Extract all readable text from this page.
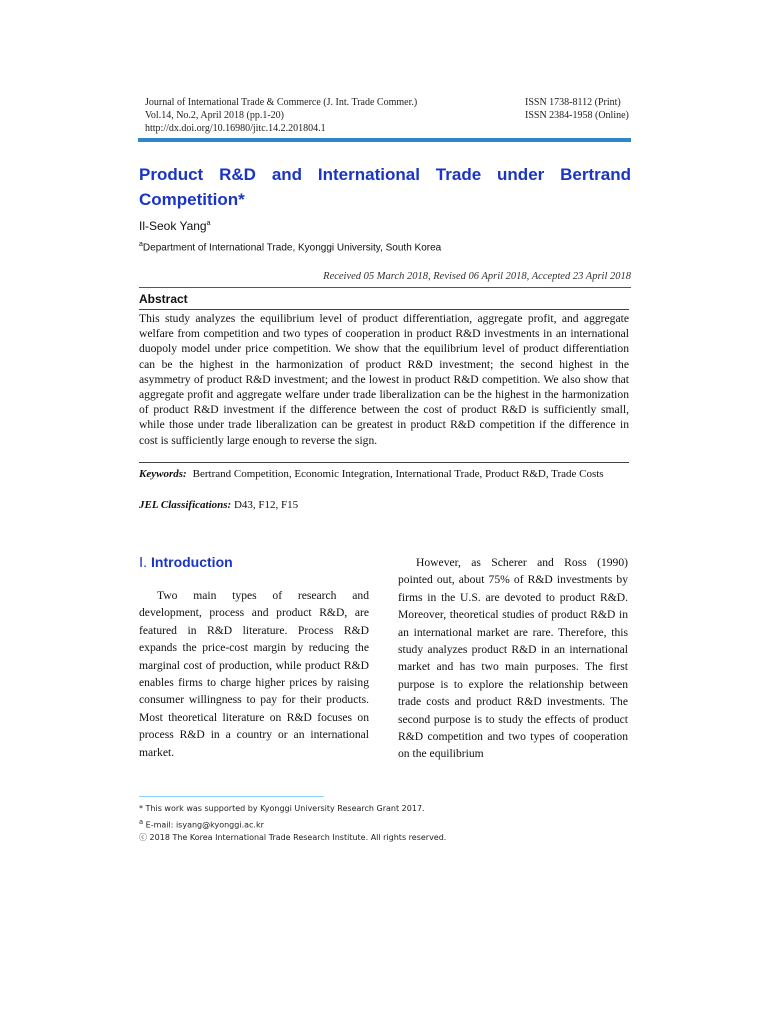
Journal of International Trade & Commerce (J. Int. Trade Commer.)
Vol.14, No.2, April 2018 (pp.1-20)
http://dx.doi.org/10.16980/jitc.14.2.201804.1
ISSN 1738-8112 (Print)
ISSN 2384-1958 (Online)
Product R&D and International Trade under Bertrand Competition*
Il-Seok Yang$^a$
$^a$Department of International Trade, Kyonggi University, South Korea
Received 05 March 2018, Revised 06 April 2018, Accepted 23 April 2018
Abstract

This study analyzes the equilibrium level of product differentiation, aggregate profit, and aggregate welfare from competition and two types of cooperation in product R&D investments in an international duopoly model under price competition. We show that the equilibrium level of product differentiation can be the highest in the harmonization of product R&D investment; the second highest in the asymmetry of product R&D investment; and the lowest in product R&D competition. We also show that aggregate profit and aggregate welfare under trade liberalization can be the highest in the harmonization of product R&D investment if the difference between the cost of product R&D is sufficiently small, while those under trade liberalization can be greatest in product R&D competition if the difference in cost is sufficiently large enough to reverse the sign.

Keywords: Bertrand Competition, Economic Integration, International Trade, Product R&D, Trade Costs
JEL Classifications: D43, F12, F15
Ⅰ. Introduction

Two main types of research and development, process and product R&D, are featured in R&D literature. Process R&D expands the price-cost margin by reducing the marginal cost of production, while product R&D enables firms to charge higher prices by raising consumer willingness to pay for their products. Most theoretical literature on R&D focuses on process R&D in a country or an international market.

However, as Scherer and Ross (1990) pointed out, about 75% of R&D investments by firms in the U.S. are devoted to product R&D. Moreover, theoretical studies of product R&D in an international market are rare. Therefore, this study analyzes product R&D in an international market and has two main purposes. The first purpose is to explore the relationship between trade costs and product R&D investments. The second purpose is to study the effects of product R&D competition and two types of cooperation on the equilibrium

* This work was supported by Kyonggi University Research Grant 2017.
$^a$ E-mail: isyang@kyonggi.ac.kr
ⓒ 2018 The Korea International Trade Research Institute. All rights reserved.
